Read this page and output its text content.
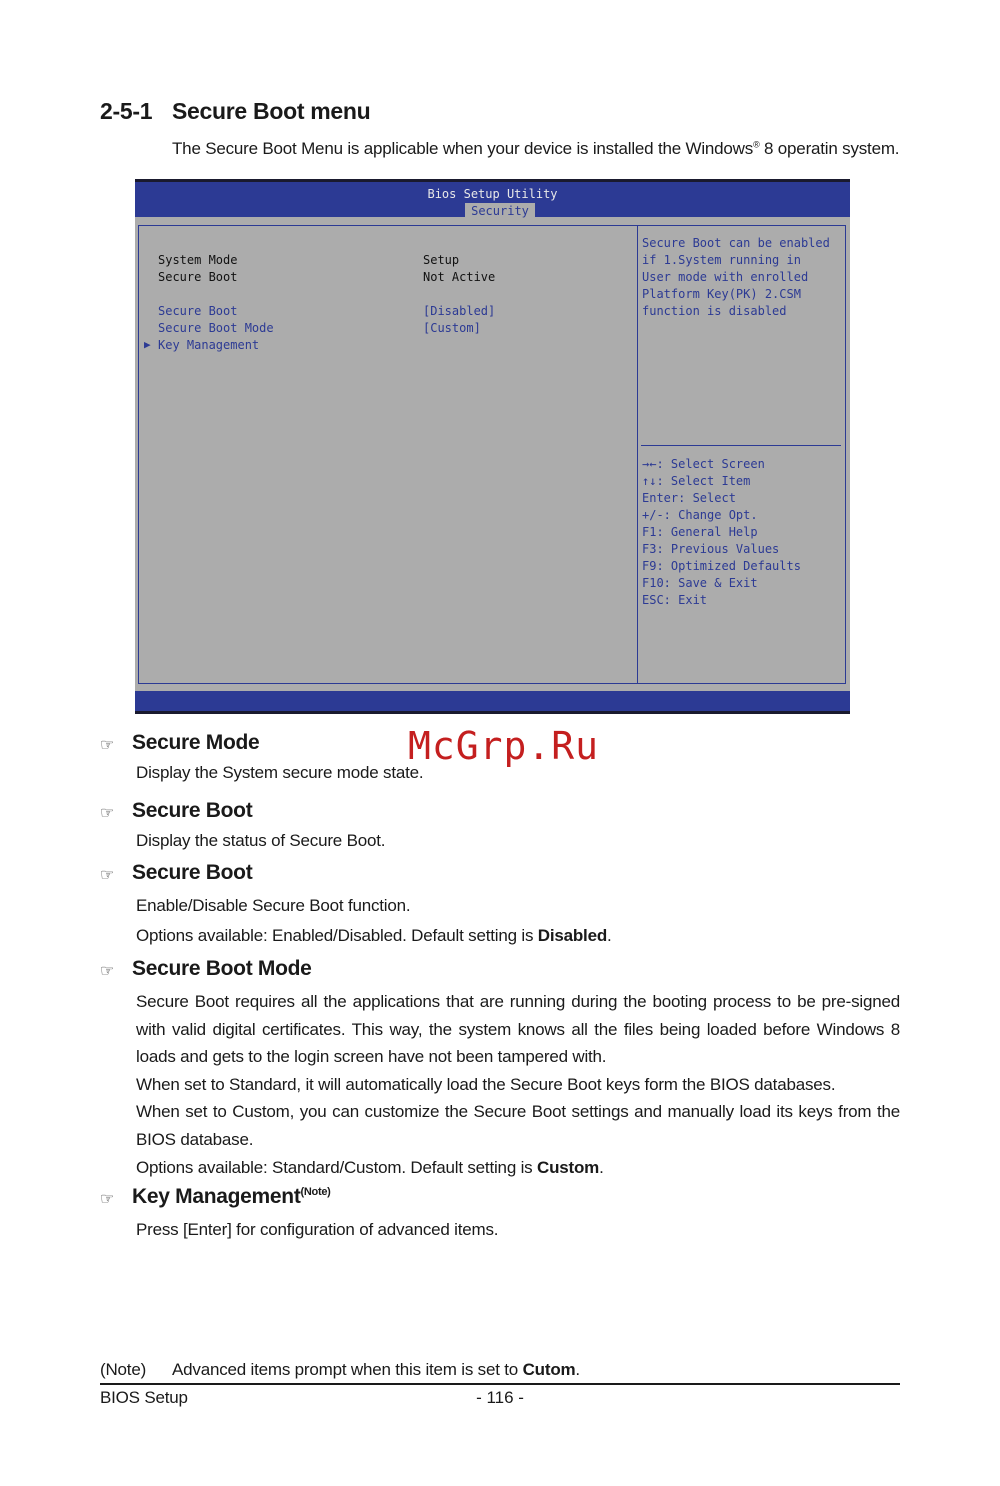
2-5-1 Secure Boot menu

The Secure Boot Menu is applicable when your device is installed the Windows® 8 operatin system.

Bios Setup Utility
Security
System Mode	Setup
Secure Boot	Not Active
Secure Boot	[Disabled]
Secure Boot Mode	[Custom]
▶ Key Management
Secure Boot can be enabled
if 1.System running in
User mode with enrolled
Platform Key(PK) 2.CSM
function is disabled
→←: Select Screen
↑↓: Select Item
Enter: Select
+/-: Change Opt.
F1: General Help
F3: Previous Values
F9: Optimized Defaults
F10: Save & Exit
ESC: Exit
McGrp.Ru
☞ Secure Mode

Display the System secure mode state.

☞ Secure Boot

Display the status of Secure Boot.

☞ Secure Boot

Enable/Disable Secure Boot function.

Options available: Enabled/Disabled. Default setting is Disabled.

☞ Secure Boot Mode

Secure Boot requires all the applications that are running during the booting process to be pre-signed with valid digital certificates. This way, the system knows all the files being loaded before Windows 8 loads and gets to the login screen have not been tampered with.

When set to Standard, it will automatically load the Secure Boot keys form the BIOS databases.

When set to Custom, you can customize the Secure Boot settings and manually load its keys from the BIOS database.

Options available: Standard/Custom. Default setting is Custom.

☞ Key Management$^{(Note)}$

Press [Enter] for configuration of advanced items.

(Note) Advanced items prompt when this item is set to Cutom.
BIOS Setup	- 116 -
